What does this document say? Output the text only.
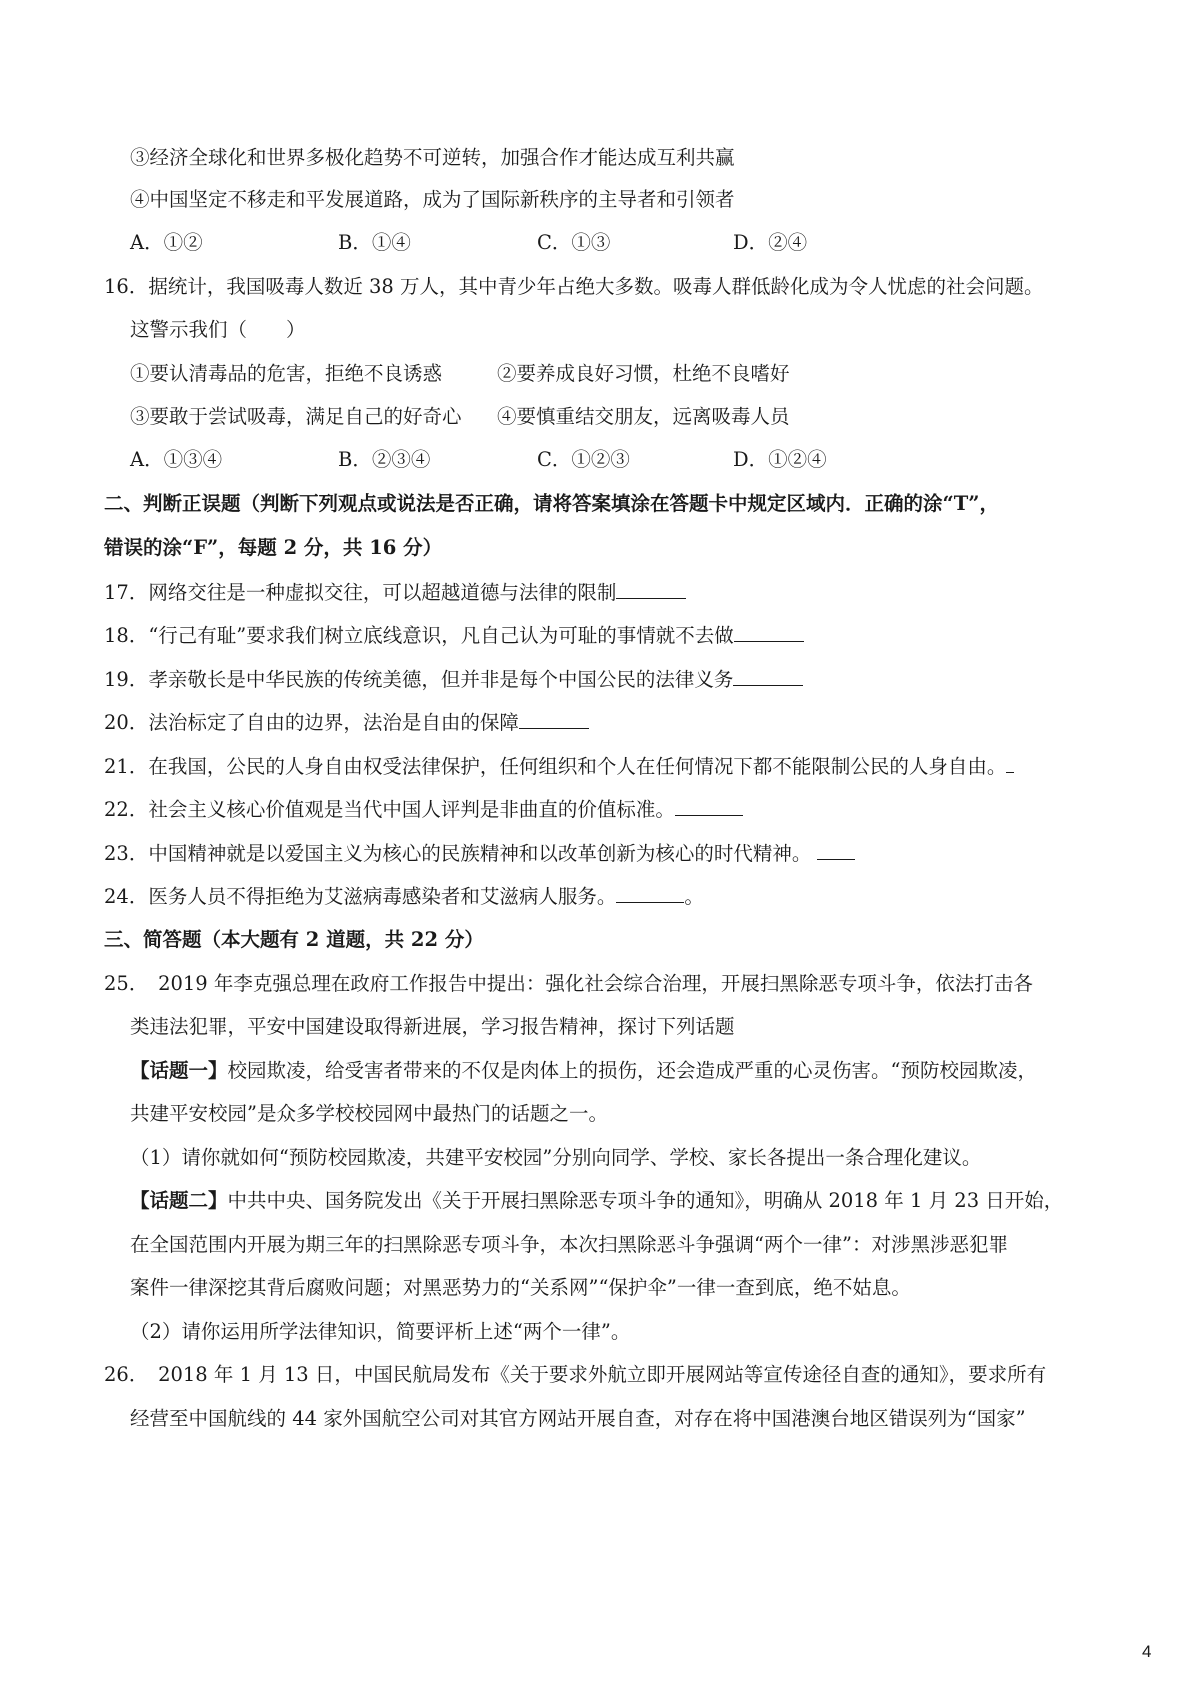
③经济全球化和世界多极化趋势不可逆转，加强合作才能达成互利共赢
④中国坚定不移走和平发展道路，成为了国际新秩序的主导者和引领者
A．①②	B．①④	C．①③	D．②④
16．据统计，我国吸毒人数近 38 万人，其中青少年占绝大多数。吸毒人群低龄化成为令人忧虑的社会问题。
这警示我们（　　）
①要认清毒品的危害，拒绝不良诱惑	②要养成良好习惯，杜绝不良嗜好
③要敢于尝试吸毒，满足自己的好奇心 ④要慎重结交朋友，远离吸毒人员
A．①③④	B．②③④	C．①②③	D．①②④
二、判断正误题（判断下列观点或说法是否正确，请将答案填涂在答题卡中规定区域内．正确的涂“T”，
错误的涂“F”，每题 2 分，共 16 分）
17．网络交往是一种虚拟交往，可以超越道德与法律的限制
18．“行己有耻”要求我们树立底线意识，凡自己认为可耻的事情就不去做
19．孝亲敬长是中华民族的传统美德，但并非是每个中国公民的法律义务
20．法治标定了自由的边界，法治是自由的保障
21．在我国，公民的人身自由权受法律保护，任何组织和个人在任何情况下都不能限制公民的人身自由。
22．社会主义核心价值观是当代中国人评判是非曲直的价值标准。
23．中国精神就是以爱国主义为核心的民族精神和以改革创新为核心的时代精神。
24．医务人员不得拒绝为艾滋病毒感染者和艾滋病人服务。	。
三、简答题（本大题有 2 道题，共 22 分）
25．　2019 年李克强总理在政府工作报告中提出：强化社会综合治理，开展扫黑除恶专项斗争，依法打击各
类违法犯罪，平安中国建设取得新进展，学习报告精神，探讨下列话题
【话题一】校园欺凌，给受害者带来的不仅是肉体上的损伤，还会造成严重的心灵伤害。“预防校园欺凌，
共建平安校园”是众多学校校园网中最热门的话题之一。
（1）请你就如何“预防校园欺凌，共建平安校园”分别向同学、学校、家长各提出一条合理化建议。
【话题二】中共中央、国务院发出《关于开展扫黑除恶专项斗争的通知》，明确从 2018 年 1 月 23 日开始，
在全国范围内开展为期三年的扫黑除恶专项斗争，本次扫黑除恶斗争强调“两个一律”：对涉黑涉恶犯罪
案件一律深挖其背后腐败问题；对黑恶势力的“关系网”“保护伞”一律一查到底，绝不姑息。
（2）请你运用所学法律知识，简要评析上述“两个一律”。
26．　2018 年 1 月 13 日，中国民航局发布《关于要求外航立即开展网站等宣传途径自查的通知》，要求所有
经营至中国航线的 44 家外国航空公司对其官方网站开展自查，对存在将中国港澳台地区错误列为“国家”
4
